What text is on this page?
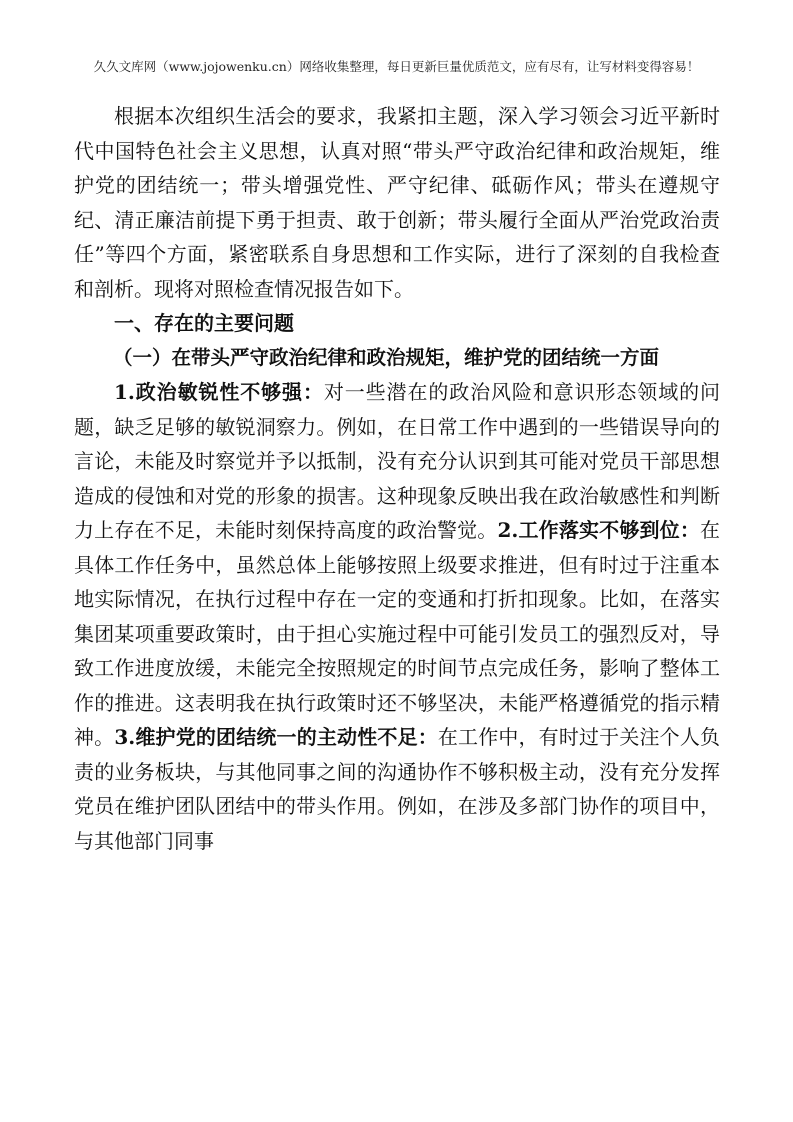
久久文库网（www.jojowenku.cn）网络收集整理，每日更新巨量优质范文，应有尽有，让写材料变得容易！

根据本次组织生活会的要求，我紧扣主题，深入学习领会习近平新时代中国特色社会主义思想，认真对照“带头严守政治纪律和政治规矩，维护党的团结统一；带头增强党性、严守纪律、砥砺作风；带头在遵规守纪、清正廉洁前提下勇于担责、敢于创新；带头履行全面从严治党政治责任”等四个方面，紧密联系自身思想和工作实际，进行了深刻的自我检查和剖析。现将对照检查情况报告如下。

一、存在的主要问题

（一）在带头严守政治纪律和政治规矩，维护党的团结统一方面

1.政治敏锐性不够强：对一些潜在的政治风险和意识形态领域的问题，缺乏足够的敏锐洞察力。例如，在日常工作中遇到的一些错误导向的言论，未能及时察觉并予以抵制，没有充分认识到其可能对党员干部思想造成的侵蚀和对党的形象的损害。这种现象反映出我在政治敏感性和判断力上存在不足，未能时刻保持高度的政治警觉。2.工作落实不够到位：在具体工作任务中，虽然总体上能够按照上级要求推进，但有时过于注重本地实际情况，在执行过程中存在一定的变通和打折扣现象。比如，在落实集团某项重要政策时，由于担心实施过程中可能引发员工的强烈反对，导致工作进度放缓，未能完全按照规定的时间节点完成任务，影响了整体工作的推进。这表明我在执行政策时还不够坚决，未能严格遵循党的指示精神。3.维护党的团结统一的主动性不足：在工作中，有时过于关注个人负责的业务板块，与其他同事之间的沟通协作不够积极主动，没有充分发挥党员在维护团队团结中的带头作用。例如，在涉及多部门协作的项目中，与其他部门同事
